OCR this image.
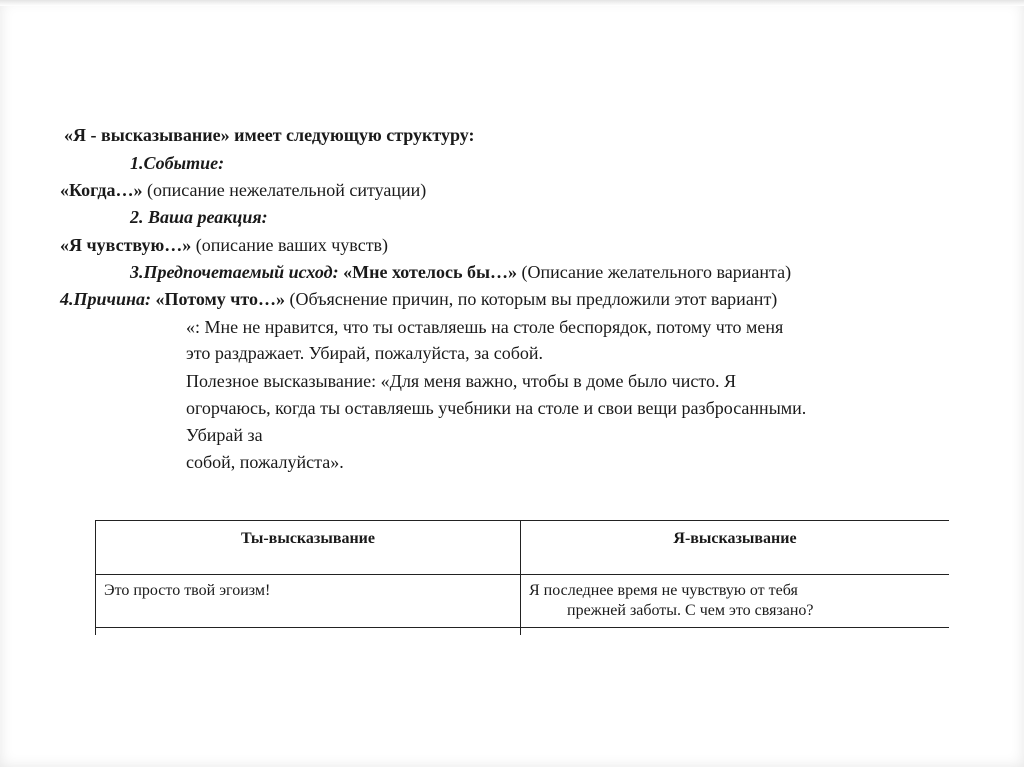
«Я - высказывание» имеет следующую структуру:
1.Событие:
«Когда…» (описание нежелательной ситуации)
2. Ваша реакция:
«Я чувствую…» (описание ваших чувств)
3.Предпочетаемый исход: «Мне хотелось бы…» (Описание желательного варианта)
4.Причина: «Потому что…» (Объяснение причин, по которым вы предложили этот вариант)
«: Мне не нравится, что ты оставляешь на столе беспорядок, потому что меня
это раздражает. Убирай, пожалуйста, за собой.
Полезное высказывание: «Для меня важно, чтобы в доме было чисто. Я
огорчаюсь, когда ты оставляешь учебники на столе и свои вещи разбросанными.
Убирай за
собой, пожалуйста».
Ты-высказывание	Я-высказывание
Это просто твой эгоизм!	Я последнее время не чувствую от тебя
прежней заботы. С чем это связано?
